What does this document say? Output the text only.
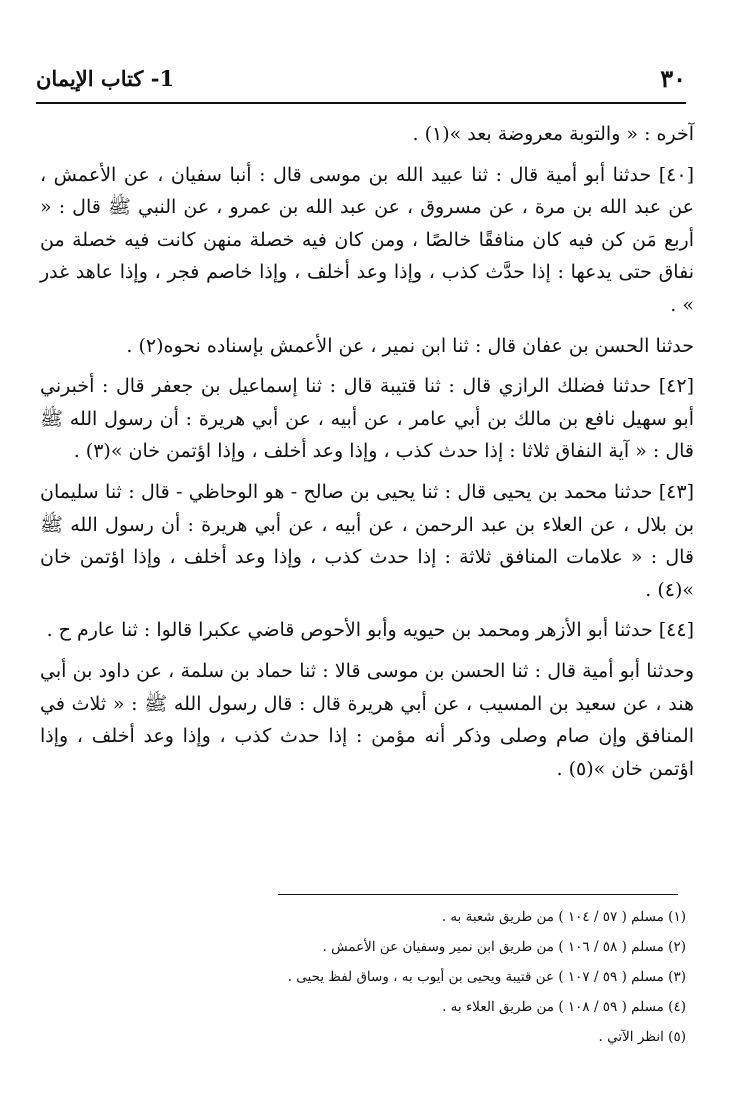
1- كتاب الإيمان	٣٠

آخره : « والتوبة معروضة بعد »(١) .

[٤٠] حدثنا أبو أمية قال : ثنا عبيد الله بن موسى قال : أنبا سفيان ، عن الأعمش ، عن عبد الله بن مرة ، عن مسروق ، عن عبد الله بن عمرو ، عن النبي ﷺ قال : « أربع مَن كن فيه كان منافقًا خالصًا ، ومن كان فيه خصلة منهن كانت فيه خصلة من نفاق حتى يدعها : إذا حدَّث كذب ، وإذا وعد أخلف ، وإذا خاصم فجر ، وإذا عاهد غدر » .

حدثنا الحسن بن عفان قال : ثنا ابن نمير ، عن الأعمش بإسناده نحوه(٢) .

[٤٢] حدثنا فضلك الرازي قال : ثنا قتيبة قال : ثنا إسماعيل بن جعفر قال : أخبرني أبو سهيل نافع بن مالك بن أبي عامر ، عن أبيه ، عن أبي هريرة : أن رسول الله ﷺ قال : « آية النفاق ثلاثا : إذا حدث كذب ، وإذا وعد أخلف ، وإذا اؤتمن خان »(٣) .

[٤٣] حدثنا محمد بن يحيى قال : ثنا يحيى بن صالح - هو الوحاظي - قال : ثنا سليمان بن بلال ، عن العلاء بن عبد الرحمن ، عن أبيه ، عن أبي هريرة : أن رسول الله ﷺ قال : « علامات المنافق ثلاثة : إذا حدث كذب ، وإذا وعد أخلف ، وإذا اؤتمن خان »(٤) .

[٤٤] حدثنا أبو الأزهر ومحمد بن حيويه وأبو الأحوص قاضي عكبرا قالوا : ثنا عارم ح .

وحدثنا أبو أمية قال : ثنا الحسن بن موسى قالا : ثنا حماد بن سلمة ، عن داود بن أبي هند ، عن سعيد بن المسيب ، عن أبي هريرة قال : قال رسول الله ﷺ : « ثلاث في المنافق وإن صام وصلى وذكر أنه مؤمن : إذا حدث كذب ، وإذا وعد أخلف ، وإذا اؤتمن خان »(٥) .

(١) مسلم ( ٥٧ / ١٠٤ ) من طريق شعبة به .
(٢) مسلم ( ٥٨ / ١٠٦ ) من طريق ابن نمير وسفيان عن الأعمش .
(٣) مسلم ( ٥٩ / ١٠٧ ) عن قتيبة ويحيى بن أيوب به ، وساق لفظ يحيى .
(٤) مسلم ( ٥٩ / ١٠٨ ) من طريق العلاء به .
(٥) انظر الآتي .
